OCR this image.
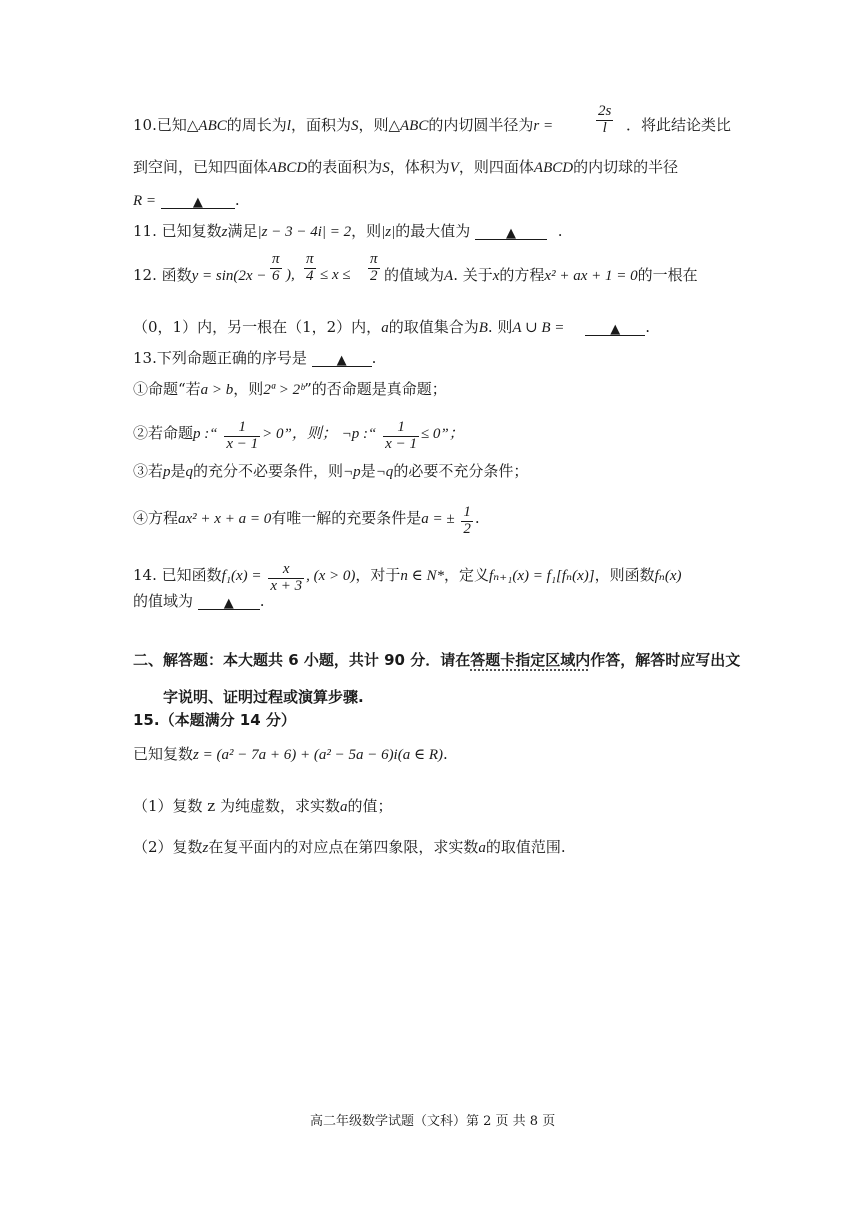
10.已知△ABC的周长为l，面积为S，则△ABC的内切圆半径为r =	$\frac{2s}{l}$ ．将此结论类比
到空间，已知四面体ABCD的表面积为S，体积为V，则四面体ABCD的内切球的半径
R =	▲ .
11. 已知复数z满足|z − 3 − 4i| = 2，则|z|的最大值为	▲	.
12. 函数$y = \sin(2x - \frac{\pi}{6}$ ), $\frac{\pi}{4} \le x \le \frac{\pi}{2}$ 的值域为A. 关于x的方程x² + ax + 1 = 0的一根在
（0，1）内，另一根在（1，2）内，a的取值集合为B. 则A ∪ B =	▲ .
13.下列命题正确的序号是 ▲ .
①命题“若a > b，则2ª > 2ᵇ”的否命题是真命题；
②若命题p :“ $\frac{1}{x - 1} > 0$”，则； ¬p :“ $\frac{1}{x - 1} \le 0$”；
③若p是q的充分不必要条件，则¬p是¬q的必要不充分条件；
④方程ax² + x + a = 0有唯一解的充要条件是a = ± $\frac{1}{2}$ .
14. 已知函数$f_1(x) = \frac{x}{x + 3}$ , (x > 0)，对于n ∈ N*，定义fₙ₊₁(x) = f₁[fₙ(x)]，则函数fₙ(x)
的值域为 ▲ .
二、解答题：本大题共 6 小题，共计 90 分．请在答题卡指定区域内作答，解答时应写出文
字说明、证明过程或演算步骤.
15.（本题满分 14 分）
已知复数z = (a² − 7a + 6) + (a² − 5a − 6)i(a ∈ R).
（1）复数 z 为纯虚数，求实数a的值；
（2）复数z在复平面内的对应点在第四象限，求实数a的取值范围.
高二年级数学试题（文科）第 2 页 共 8 页
